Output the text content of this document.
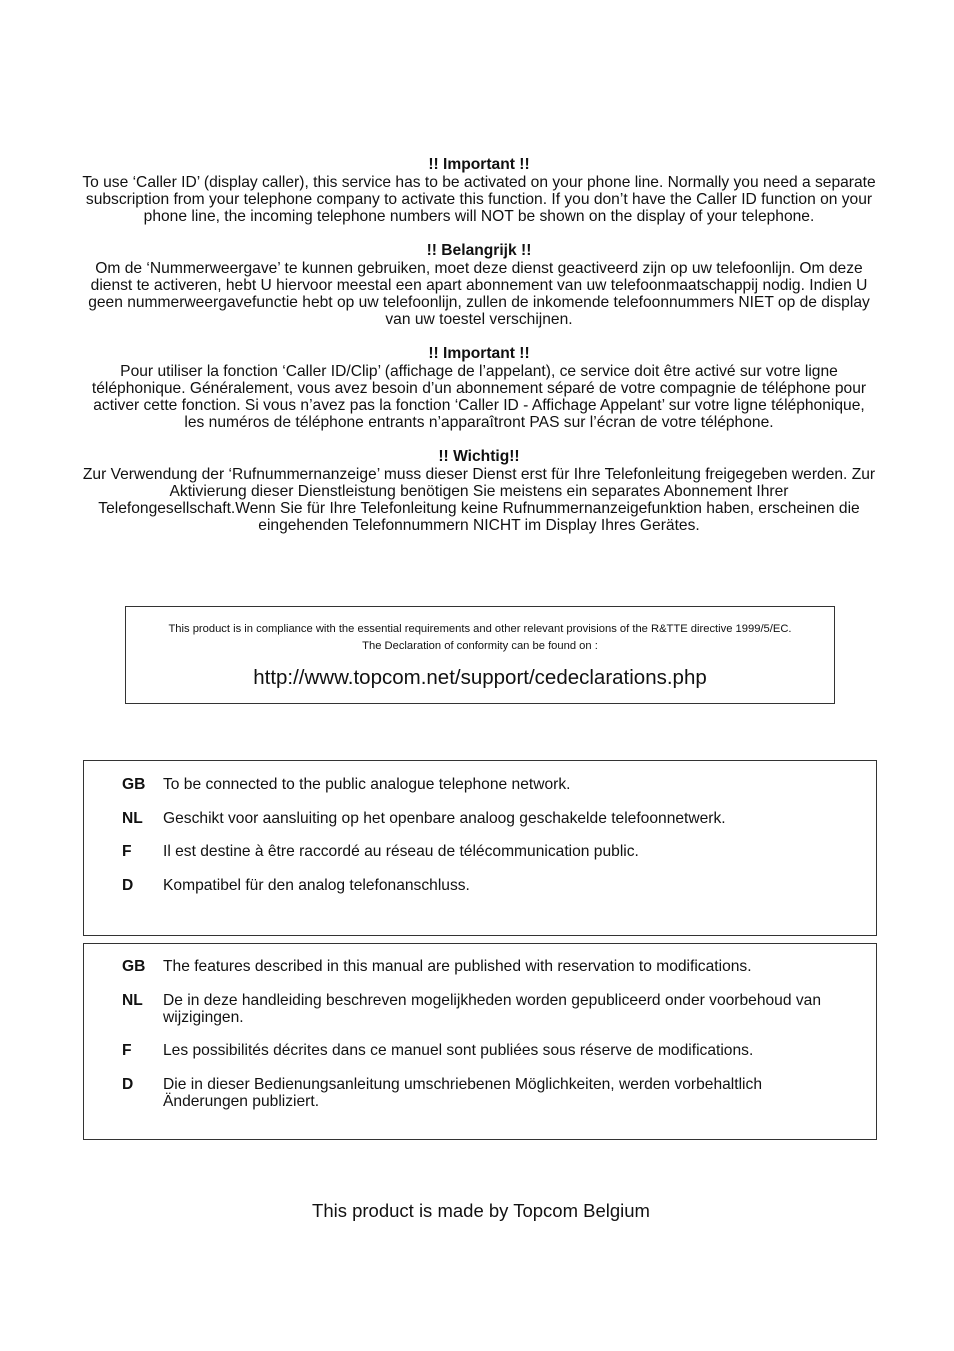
!! Important !!

To use ‘Caller ID’ (display caller), this service has to be activated on your phone line. Normally you need a separate subscription from your telephone company to activate this function. If you don’t have the Caller ID function on your phone line, the incoming telephone numbers will NOT be shown on the display of your telephone.

!! Belangrijk !!

Om de ‘Nummerweergave’ te kunnen gebruiken, moet deze dienst geactiveerd zijn op uw telefoonlijn. Om deze dienst te activeren, hebt U hiervoor meestal een apart abonnement van uw telefoonmaatschappij nodig. Indien U geen nummerweergavefunctie hebt op uw telefoonlijn, zullen de inkomende telefoonnummers NIET op de display van uw toestel verschijnen.

!! Important !!

Pour utiliser la fonction ‘Caller ID/Clip’ (affichage de l’appelant), ce service doit être activé sur votre ligne téléphonique. Généralement, vous avez besoin d’un abonnement séparé de votre compagnie de téléphone pour activer cette fonction. Si vous n’avez pas la fonction ‘Caller ID - Affichage Appelant’ sur votre ligne téléphonique, les numéros de téléphone entrants n’apparaîtront PAS sur l’écran de votre téléphone.

!! Wichtig!!

Zur Verwendung der ‘Rufnummernanzeige’ muss dieser Dienst erst für Ihre Telefonleitung freigegeben werden. Zur Aktivierung dieser Dienstleistung benötigen Sie meistens ein separates Abonnement Ihrer Telefongesellschaft.Wenn Sie für Ihre Telefonleitung keine Rufnummernanzeigefunktion haben, erscheinen die eingehenden Telefonnummern NICHT im Display Ihres Gerätes.

This product is in compliance with the essential requirements and other relevant provisions of the R&TTE directive 1999/5/EC.

The Declaration of conformity can be found on :

http://www.topcom.net/support/cedeclarations.php
GB	To be connected to the public analogue telephone network.
NL	Geschikt voor aansluiting op het openbare analoog geschakelde telefoonnetwerk.
F	Il est destine à être raccordé au réseau de télécommunication public.
D	Kompatibel für den analog telefonanschluss.
GB	The features described in this manual are published with reservation to modifications.
NL	De in deze handleiding beschreven mogelijkheden worden gepubliceerd onder voorbehoud van wijzigingen.
F	Les possibilités décrites dans ce manuel sont publiées sous réserve de modifications.
D	Die in dieser Bedienungsanleitung umschriebenen Möglichkeiten, werden vorbehaltlich Änderungen publiziert.
This product is made by Topcom Belgium
